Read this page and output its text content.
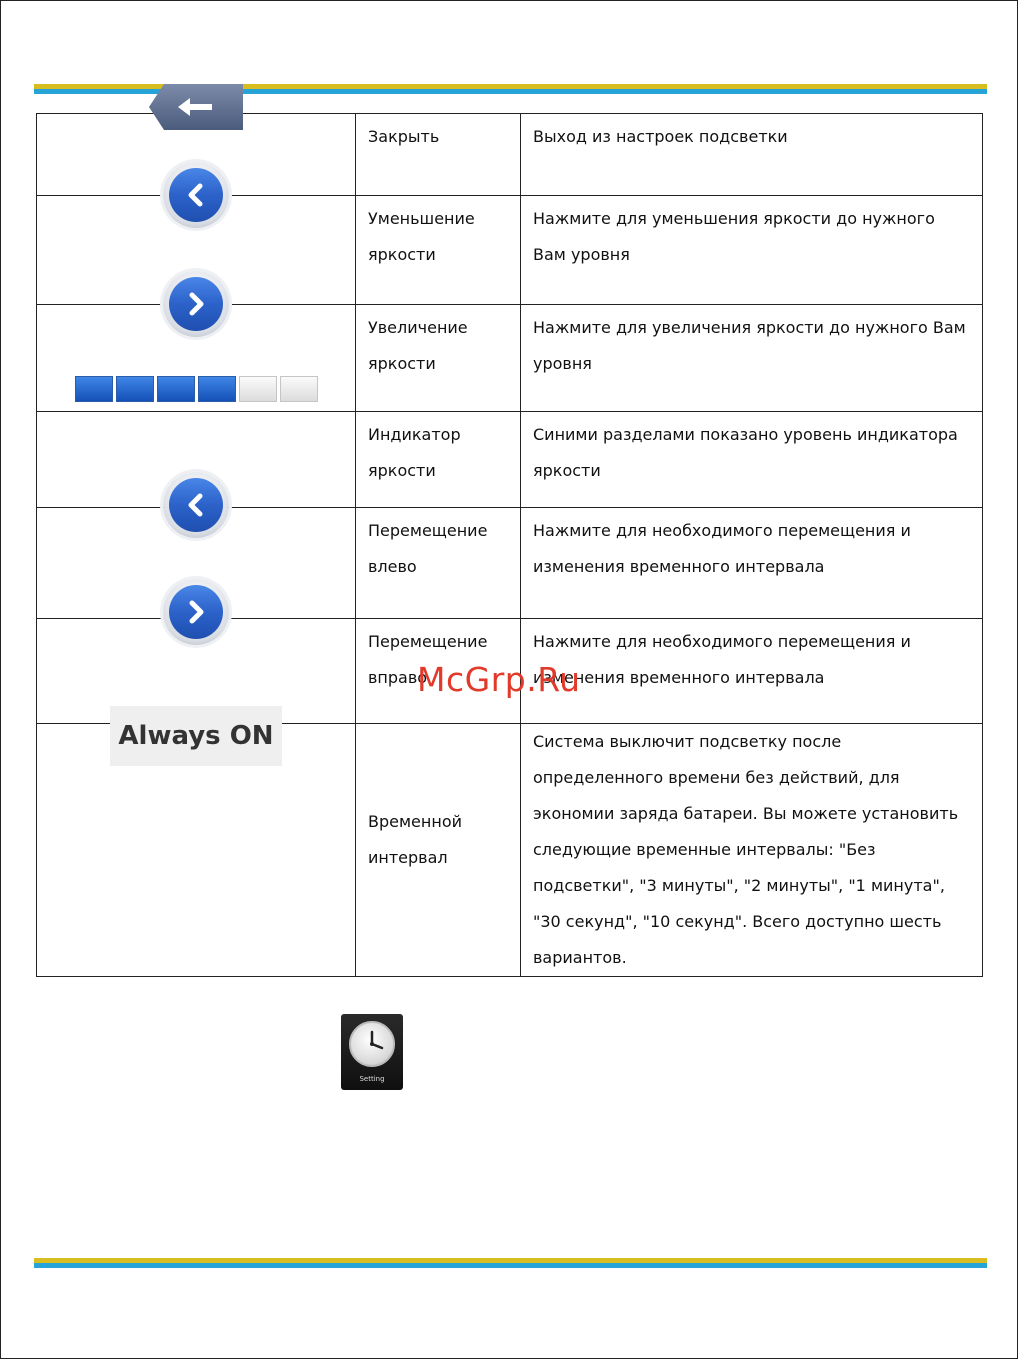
	Закрыть	Выход из настроек подсветки

	Уменьшение яркости	Нажмите для уменьшения яркости до нужного Вам уровня

	Увеличение яркости	Нажмите для увеличения яркости до нужного Вам уровня

	Индикатор яркости	Синими разделами показано уровень индикатора яркости

	Перемещение влево	Нажмите для необходимого перемещения и изменения временного интервала

	Перемещение вправо	Нажмите для необходимого перемещения и изменения временного интервала

Always ON	Временной интервал	Система выключит подсветку после определенного времени без действий, для экономии заряда батареи. Вы можете установить следующие временные интервалы: "Без подсветки", "3 минуты", "2 минуты", "1 минута", "30 секунд", "10 секунд". Всего доступно шесть вариантов.
McGrp.Ru
Setting
